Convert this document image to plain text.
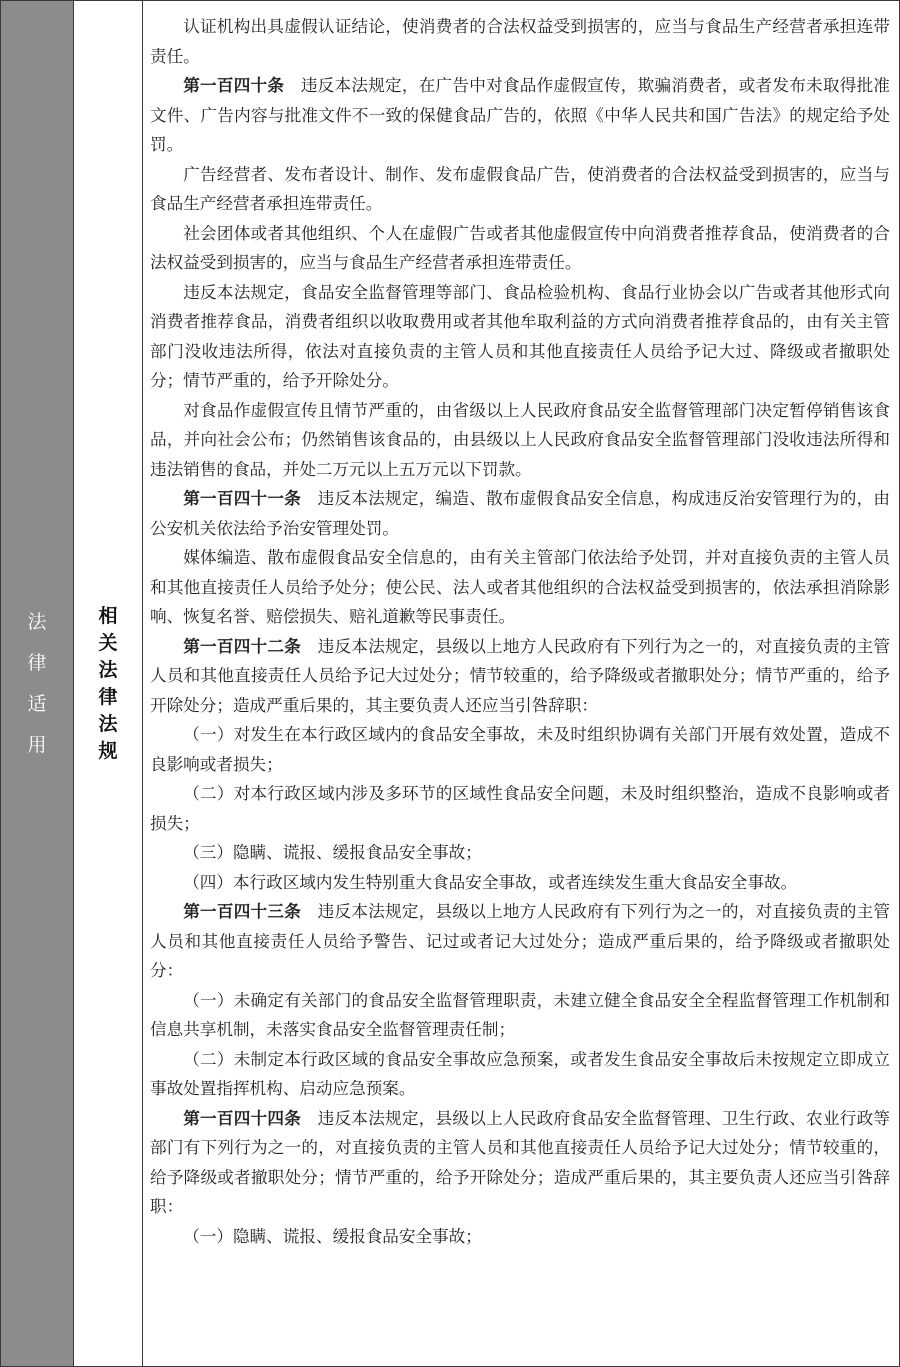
法
律
适
用
相
关
法
律
法
规

认证机构出具虚假认证结论，使消费者的合法权益受到损害的，应当与食品生产经营者承担连带责任。

第一百四十条 违反本法规定，在广告中对食品作虚假宣传，欺骗消费者，或者发布未取得批准文件、广告内容与批准文件不一致的保健食品广告的，依照《中华人民共和国广告法》的规定给予处罚。

广告经营者、发布者设计、制作、发布虚假食品广告，使消费者的合法权益受到损害的，应当与食品生产经营者承担连带责任。

社会团体或者其他组织、个人在虚假广告或者其他虚假宣传中向消费者推荐食品，使消费者的合法权益受到损害的，应当与食品生产经营者承担连带责任。

违反本法规定，食品安全监督管理等部门、食品检验机构、食品行业协会以广告或者其他形式向消费者推荐食品，消费者组织以收取费用或者其他牟取利益的方式向消费者推荐食品的，由有关主管部门没收违法所得，依法对直接负责的主管人员和其他直接责任人员给予记大过、降级或者撤职处分；情节严重的，给予开除处分。

对食品作虚假宣传且情节严重的，由省级以上人民政府食品安全监督管理部门决定暂停销售该食品，并向社会公布；仍然销售该食品的，由县级以上人民政府食品安全监督管理部门没收违法所得和违法销售的食品，并处二万元以上五万元以下罚款。

第一百四十一条 违反本法规定，编造、散布虚假食品安全信息，构成违反治安管理行为的，由公安机关依法给予治安管理处罚。

媒体编造、散布虚假食品安全信息的，由有关主管部门依法给予处罚，并对直接负责的主管人员和其他直接责任人员给予处分；使公民、法人或者其他组织的合法权益受到损害的，依法承担消除影响、恢复名誉、赔偿损失、赔礼道歉等民事责任。

第一百四十二条 违反本法规定，县级以上地方人民政府有下列行为之一的，对直接负责的主管人员和其他直接责任人员给予记大过处分；情节较重的，给予降级或者撤职处分；情节严重的，给予开除处分；造成严重后果的，其主要负责人还应当引咎辞职：

（一）对发生在本行政区域内的食品安全事故，未及时组织协调有关部门开展有效处置，造成不良影响或者损失；

（二）对本行政区域内涉及多环节的区域性食品安全问题，未及时组织整治，造成不良影响或者损失；

（三）隐瞒、谎报、缓报食品安全事故；

（四）本行政区域内发生特别重大食品安全事故，或者连续发生重大食品安全事故。

第一百四十三条 违反本法规定，县级以上地方人民政府有下列行为之一的，对直接负责的主管人员和其他直接责任人员给予警告、记过或者记大过处分；造成严重后果的，给予降级或者撤职处分：

（一）未确定有关部门的食品安全监督管理职责，未建立健全食品安全全程监督管理工作机制和信息共享机制，未落实食品安全监督管理责任制；

（二）未制定本行政区域的食品安全事故应急预案，或者发生食品安全事故后未按规定立即成立事故处置指挥机构、启动应急预案。

第一百四十四条 违反本法规定，县级以上人民政府食品安全监督管理、卫生行政、农业行政等部门有下列行为之一的，对直接负责的主管人员和其他直接责任人员给予记大过处分；情节较重的，给予降级或者撤职处分；情节严重的，给予开除处分；造成严重后果的，其主要负责人还应当引咎辞职：

（一）隐瞒、谎报、缓报食品安全事故；
